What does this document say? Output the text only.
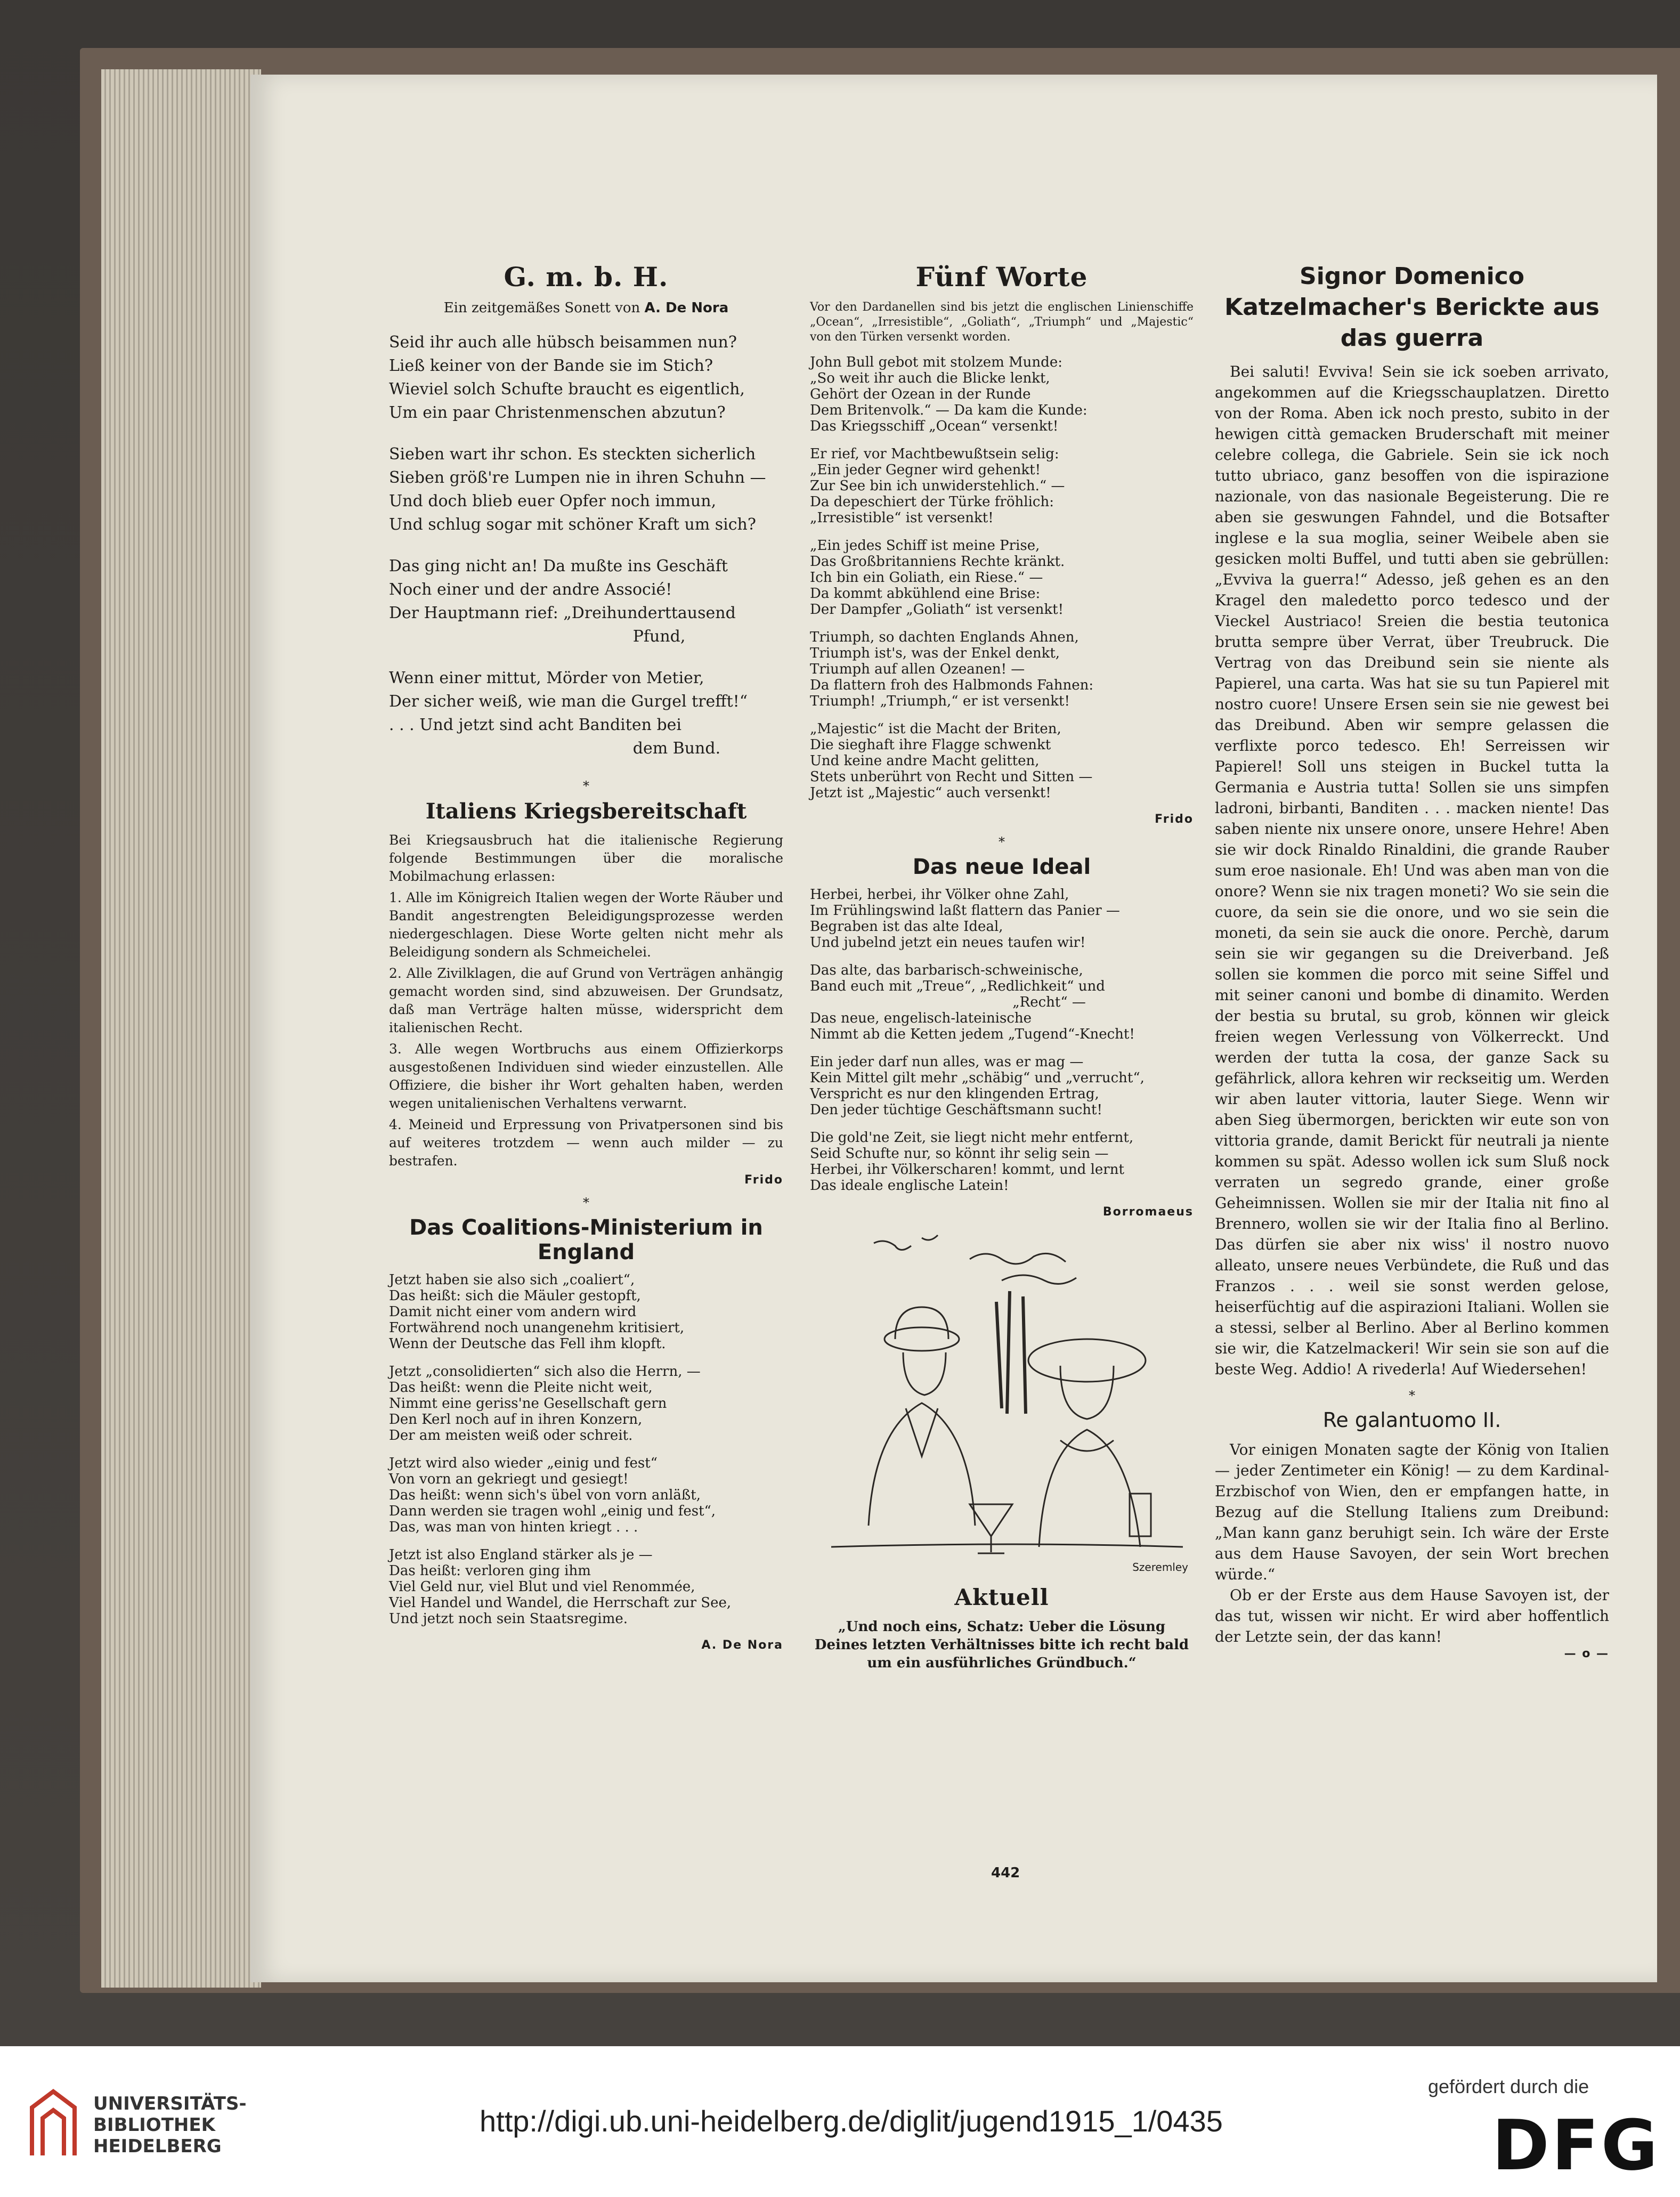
G. m. b. H.
Ein zeitgemäßes Sonett von A. De Nora
Seid ihr auch alle hübsch beisammen nun?
Ließ keiner von der Bande sie im Stich?
Wieviel solch Schufte braucht es eigentlich,
Um ein paar Christenmenschen abzutun?
Sieben wart ihr schon. Es steckten sicherlich
Sieben größ're Lumpen nie in ihren Schuhn —
Und doch blieb euer Opfer noch immun,
Und schlug sogar mit schöner Kraft um sich?
Das ging nicht an! Da mußte ins Geschäft
Noch einer und der andre Associé!
Der Hauptmann rief: „Dreihunderttausend
Pfund,
Wenn einer mittut, Mörder von Metier,
Der sicher weiß, wie man die Gurgel trefft!“
. . . Und jetzt sind acht Banditen bei
dem Bund.
*
Italiens Kriegsbereitschaft

Bei Kriegsausbruch hat die italienische Regierung folgende Bestimmungen über die moralische Mobilmachung erlassen:

1. Alle im Königreich Italien wegen der Worte Räuber und Bandit angestrengten Beleidigungsprozesse werden niedergeschlagen. Diese Worte gelten nicht mehr als Beleidigung sondern als Schmeichelei.

2. Alle Zivilklagen, die auf Grund von Verträgen anhängig gemacht worden sind, sind abzuweisen. Der Grundsatz, daß man Verträge halten müsse, widerspricht dem italienischen Recht.

3. Alle wegen Wortbruchs aus einem Offizierkorps ausgestoßenen Individuen sind wieder einzustellen. Alle Offiziere, die bisher ihr Wort gehalten haben, werden wegen unitalienischen Verhaltens verwarnt.

4. Meineid und Erpressung von Privatpersonen sind bis auf weiteres trotzdem — wenn auch milder — zu bestrafen.

Frido
*
Das Coalitions-Ministerium in England
Jetzt haben sie also sich „coaliert“,
Das heißt: sich die Mäuler gestopft,
Damit nicht einer vom andern wird
Fortwährend noch unangenehm kritisiert,
Wenn der Deutsche das Fell ihm klopft.
Jetzt „consolidierten“ sich also die Herrn, —
Das heißt: wenn die Pleite nicht weit,
Nimmt eine geriss'ne Gesellschaft gern
Den Kerl noch auf in ihren Konzern,
Der am meisten weiß oder schreit.
Jetzt wird also wieder „einig und fest“
Von vorn an gekriegt und gesiegt!
Das heißt: wenn sich's übel von vorn anläßt,
Dann werden sie tragen wohl „einig und fest“,
Das, was man von hinten kriegt . . .
Jetzt ist also England stärker als je —
Das heißt: verloren ging ihm
Viel Geld nur, viel Blut und viel Renommée,
Viel Handel und Wandel, die Herrschaft zur See,
Und jetzt noch sein Staatsregime.
A. De Nora
Fünf Worte

Vor den Dardanellen sind bis jetzt die englischen Linienschiffe „Ocean“, „Irresistible“, „Goliath“, „Triumph“ und „Majestic“ von den Türken versenkt worden.

John Bull gebot mit stolzem Munde:
„So weit ihr auch die Blicke lenkt,
Gehört der Ozean in der Runde
Dem Britenvolk.“ — Da kam die Kunde:
Das Kriegsschiff „Ocean“ versenkt!
Er rief, vor Machtbewußtsein selig:
„Ein jeder Gegner wird gehenkt!
Zur See bin ich unwiderstehlich.“ —
Da depeschiert der Türke fröhlich:
„Irresistible“ ist versenkt!
„Ein jedes Schiff ist meine Prise,
Das Großbritanniens Rechte kränkt.
Ich bin ein Goliath, ein Riese.“ —
Da kommt abkühlend eine Brise:
Der Dampfer „Goliath“ ist versenkt!
Triumph, so dachten Englands Ahnen,
Triumph ist's, was der Enkel denkt,
Triumph auf allen Ozeanen! —
Da flattern froh des Halbmonds Fahnen:
Triumph! „Triumph,“ er ist versenkt!
„Majestic“ ist die Macht der Briten,
Die sieghaft ihre Flagge schwenkt
Und keine andre Macht gelitten,
Stets unberührt von Recht und Sitten —
Jetzt ist „Majestic“ auch versenkt!
Frido
*
Das neue Ideal
Herbei, herbei, ihr Völker ohne Zahl,
Im Frühlingswind laßt flattern das Panier —
Begraben ist das alte Ideal,
Und jubelnd jetzt ein neues taufen wir!
Das alte, das barbarisch-schweinische,
Band euch mit „Treue“, „Redlichkeit“ und
„Recht“ —
Das neue, engelisch-lateinische
Nimmt ab die Ketten jedem „Tugend“-Knecht!
Ein jeder darf nun alles, was er mag —
Kein Mittel gilt mehr „schäbig“ und „verrucht“,
Verspricht es nur den klingenden Ertrag,
Den jeder tüchtige Geschäftsmann sucht!
Die gold'ne Zeit, sie liegt nicht mehr entfernt,
Seid Schufte nur, so könnt ihr selig sein —
Herbei, ihr Völkerscharen! kommt, und lernt
Das ideale englische Latein!
Borromaeus
Szeremley
Aktuell

„Und noch eins, Schatz: Ueber die Lösung Deines letzten Verhältnisses bitte ich recht bald um ein ausführliches Gründbuch.“

Signor Domenico Katzelmacher's Berickte aus das guerra

Bei saluti! Evviva! Sein sie ick soeben arrivato, angekommen auf die Kriegsschauplatzen. Diretto von der Roma. Aben ick noch presto, subito in der hewigen città gemacken Bruderschaft mit meiner celebre collega, die Gabriele. Sein sie ick noch tutto ubriaco, ganz besoffen von die ispirazione nazionale, von das nasionale Begeisterung. Die re aben sie geswungen Fahndel, und die Botsafter inglese e la sua moglia, seiner Weibele aben sie gesicken molti Buffel, und tutti aben sie gebrüllen: „Evviva la guerra!“ Adesso, jeß gehen es an den Kragel den maledetto porco tedesco und der Vieckel Austriaco! Sreien die bestia teutonica brutta sempre über Verrat, über Treubruck. Die Vertrag von das Dreibund sein sie niente als Papierel, una carta. Was hat sie su tun Papierel mit nostro cuore! Unsere Ersen sein sie nie gewest bei das Dreibund. Aben wir sempre gelassen die verflixte porco tedesco. Eh! Serreissen wir Papierel! Soll uns steigen in Buckel tutta la Germania e Austria tutta! Sollen sie uns simpfen ladroni, birbanti, Banditen . . . macken niente! Das saben niente nix unsere onore, unsere Hehre! Aben sie wir dock Rinaldo Rinaldini, die grande Rauber sum eroe nasionale. Eh! Und was aben man von die onore? Wenn sie nix tragen moneti? Wo sie sein die cuore, da sein sie die onore, und wo sie sein die moneti, da sein sie auck die onore. Perchè, darum sein sie wir gegangen su die Dreiverband. Jeß sollen sie kommen die porco mit seine Siffel und mit seiner canoni und bombe di dinamito. Werden der bestia su brutal, su grob, können wir gleick freien wegen Verlessung von Völkerreckt. Und werden der tutta la cosa, der ganze Sack su gefährlick, allora kehren wir reckseitig um. Werden wir aben lauter vittoria, lauter Siege. Wenn wir aben Sieg übermorgen, berickten wir eute son von vittoria grande, damit Berickt für neutrali ja niente kommen su spät. Adesso wollen ick sum Sluß nock verraten un segredo grande, einer große Geheimnissen. Wollen sie mir der Italia nit fino al Brennero, wollen sie wir der Italia fino al Berlino. Das dürfen sie aber nix wiss' il nostro nuovo alleato, unsere neues Verbündete, die Ruß und das Franzos . . . weil sie sonst werden gelose, heiserfüchtig auf die aspirazioni Italiani. Wollen sie a stessi, selber al Berlino. Aber al Berlino kommen sie wir, die Katzelmackeri! Wir sein sie son auf die beste Weg. Addio! A rivederla! Auf Wiedersehen!

*
Re galantuomo II.

Vor einigen Monaten sagte der König von Italien — jeder Zentimeter ein König! — zu dem Kardinal-Erzbischof von Wien, den er empfangen hatte, in Bezug auf die Stellung Italiens zum Dreibund: „Man kann ganz beruhigt sein. Ich wäre der Erste aus dem Hause Savoyen, der sein Wort brechen würde.“

Ob er der Erste aus dem Hause Savoyen ist, der das tut, wissen wir nicht. Er wird aber hoffentlich der Letzte sein, der das kann!

— o —
442
UNIVERSITÄTS-
BIBLIOTHEK
HEIDELBERG
http://digi.ub.uni-heidelberg.de/diglit/jugend1915_1/0435
gefördert durch die
DFG
